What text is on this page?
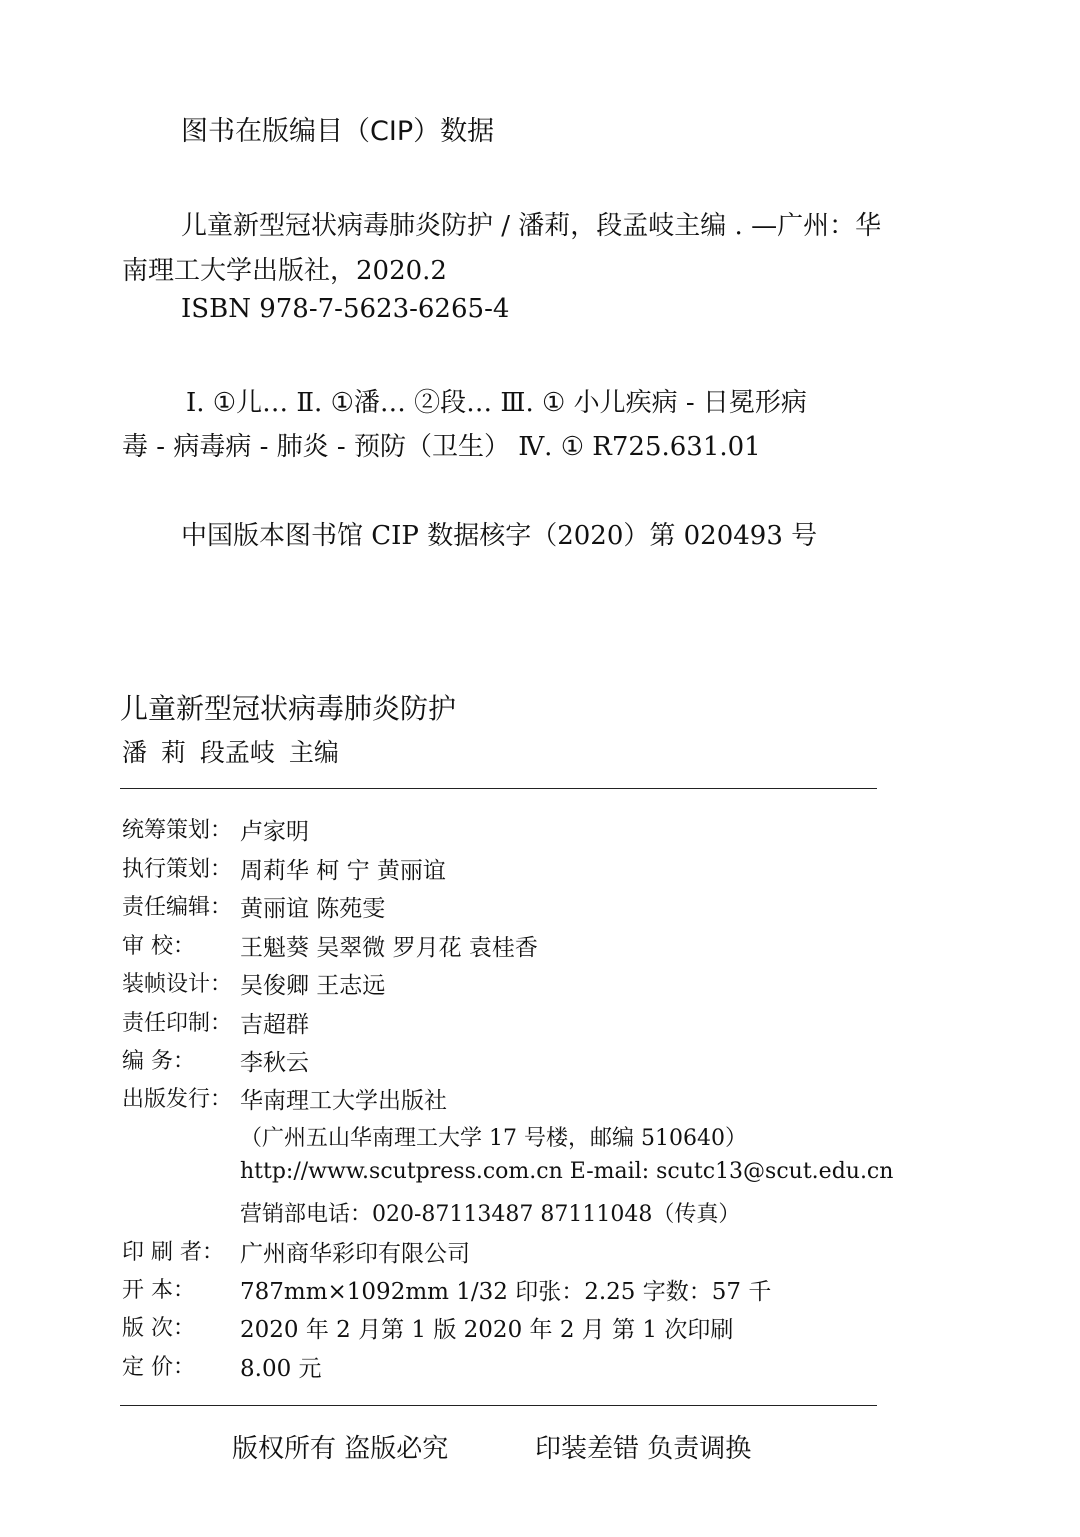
图书在版编目（CIP）数据
儿童新型冠状病毒肺炎防护 / 潘莉，段孟岐主编 . —广州：华
南理工大学出版社，2020.2
ISBN 978-7-5623-6265-4
Ⅰ. ①儿… Ⅱ. ①潘… ②段… Ⅲ. ① 小儿疾病 - 日冕形病
毒 - 病毒病 - 肺炎 - 预防（卫生） Ⅳ. ① R725.631.01
中国版本图书馆 CIP 数据核字（2020）第 020493 号
儿童新型冠状病毒肺炎防护
潘 莉 段孟岐 主编
统筹策划： 卢家明
执行策划： 周莉华 柯 宁 黄丽谊
责任编辑： 黄丽谊 陈苑雯
审 校：	王魁葵 吴翠微 罗月花 袁桂香
装帧设计： 吴俊卿 王志远
责任印制： 吉超群
编 务：	李秋云
出版发行： 华南理工大学出版社
（广州五山华南理工大学 17 号楼，邮编 510640）
http://www.scutpress.com.cn E-mail: scutc13@scut.edu.cn
营销部电话：020-87113487 87111048（传真）
印 刷 者： 广州商华彩印有限公司
开 本：	787mm×1092mm 1/32 印张：2.25 字数：57 千
版 次：	2020 年 2 月第 1 版 2020 年 2 月 第 1 次印刷
定 价：	8.00 元
版权所有 盗版必究	印装差错 负责调换
